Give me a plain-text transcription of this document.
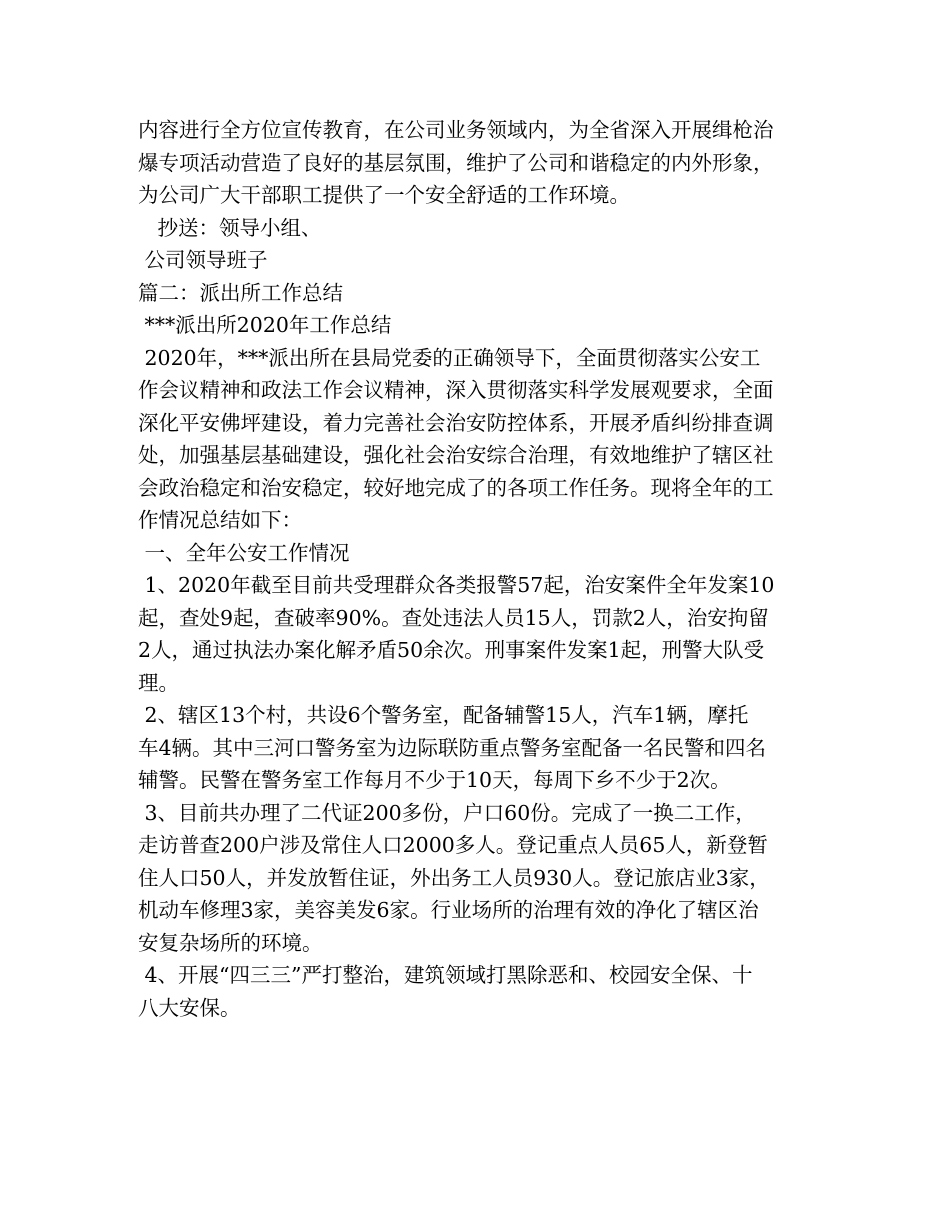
内容进行全方位宣传教育，在公司业务领域内，为全省深入开展缉枪治
爆专项活动营造了良好的基层氛围，维护了公司和谐稳定的内外形象，
为公司广大干部职工提供了一个安全舒适的工作环境。
抄送：领导小组、
公司领导班子
篇二：派出所工作总结
***派出所2020年工作总结
2020年，***派出所在县局党委的正确领导下，全面贯彻落实公安工
作会议精神和政法工作会议精神，深入贯彻落实科学发展观要求，全面
深化平安佛坪建设，着力完善社会治安防控体系，开展矛盾纠纷排查调
处，加强基层基础建设，强化社会治安综合治理，有效地维护了辖区社
会政治稳定和治安稳定，较好地完成了的各项工作任务。现将全年的工
作情况总结如下：
一、全年公安工作情况
1、2020年截至目前共受理群众各类报警57起，治安案件全年发案10
起，查处9起，查破率90%。查处违法人员15人，罚款2人，治安拘留
2人，通过执法办案化解矛盾50余次。刑事案件发案1起，刑警大队受
理。
2、辖区13个村，共设6个警务室，配备辅警15人，汽车1辆，摩托
车4辆。其中三河口警务室为边际联防重点警务室配备一名民警和四名
辅警。民警在警务室工作每月不少于10天，每周下乡不少于2次。
3、目前共办理了二代证200多份，户口60份。完成了一换二工作，
走访普查200户涉及常住人口2000多人。登记重点人员65人，新登暂
住人口50人，并发放暂住证，外出务工人员930人。登记旅店业3家，
机动车修理3家，美容美发6家。行业场所的治理有效的净化了辖区治
安复杂场所的环境。
4、开展“四三三”严打整治，建筑领域打黑除恶和、校园安全保、十
八大安保。
